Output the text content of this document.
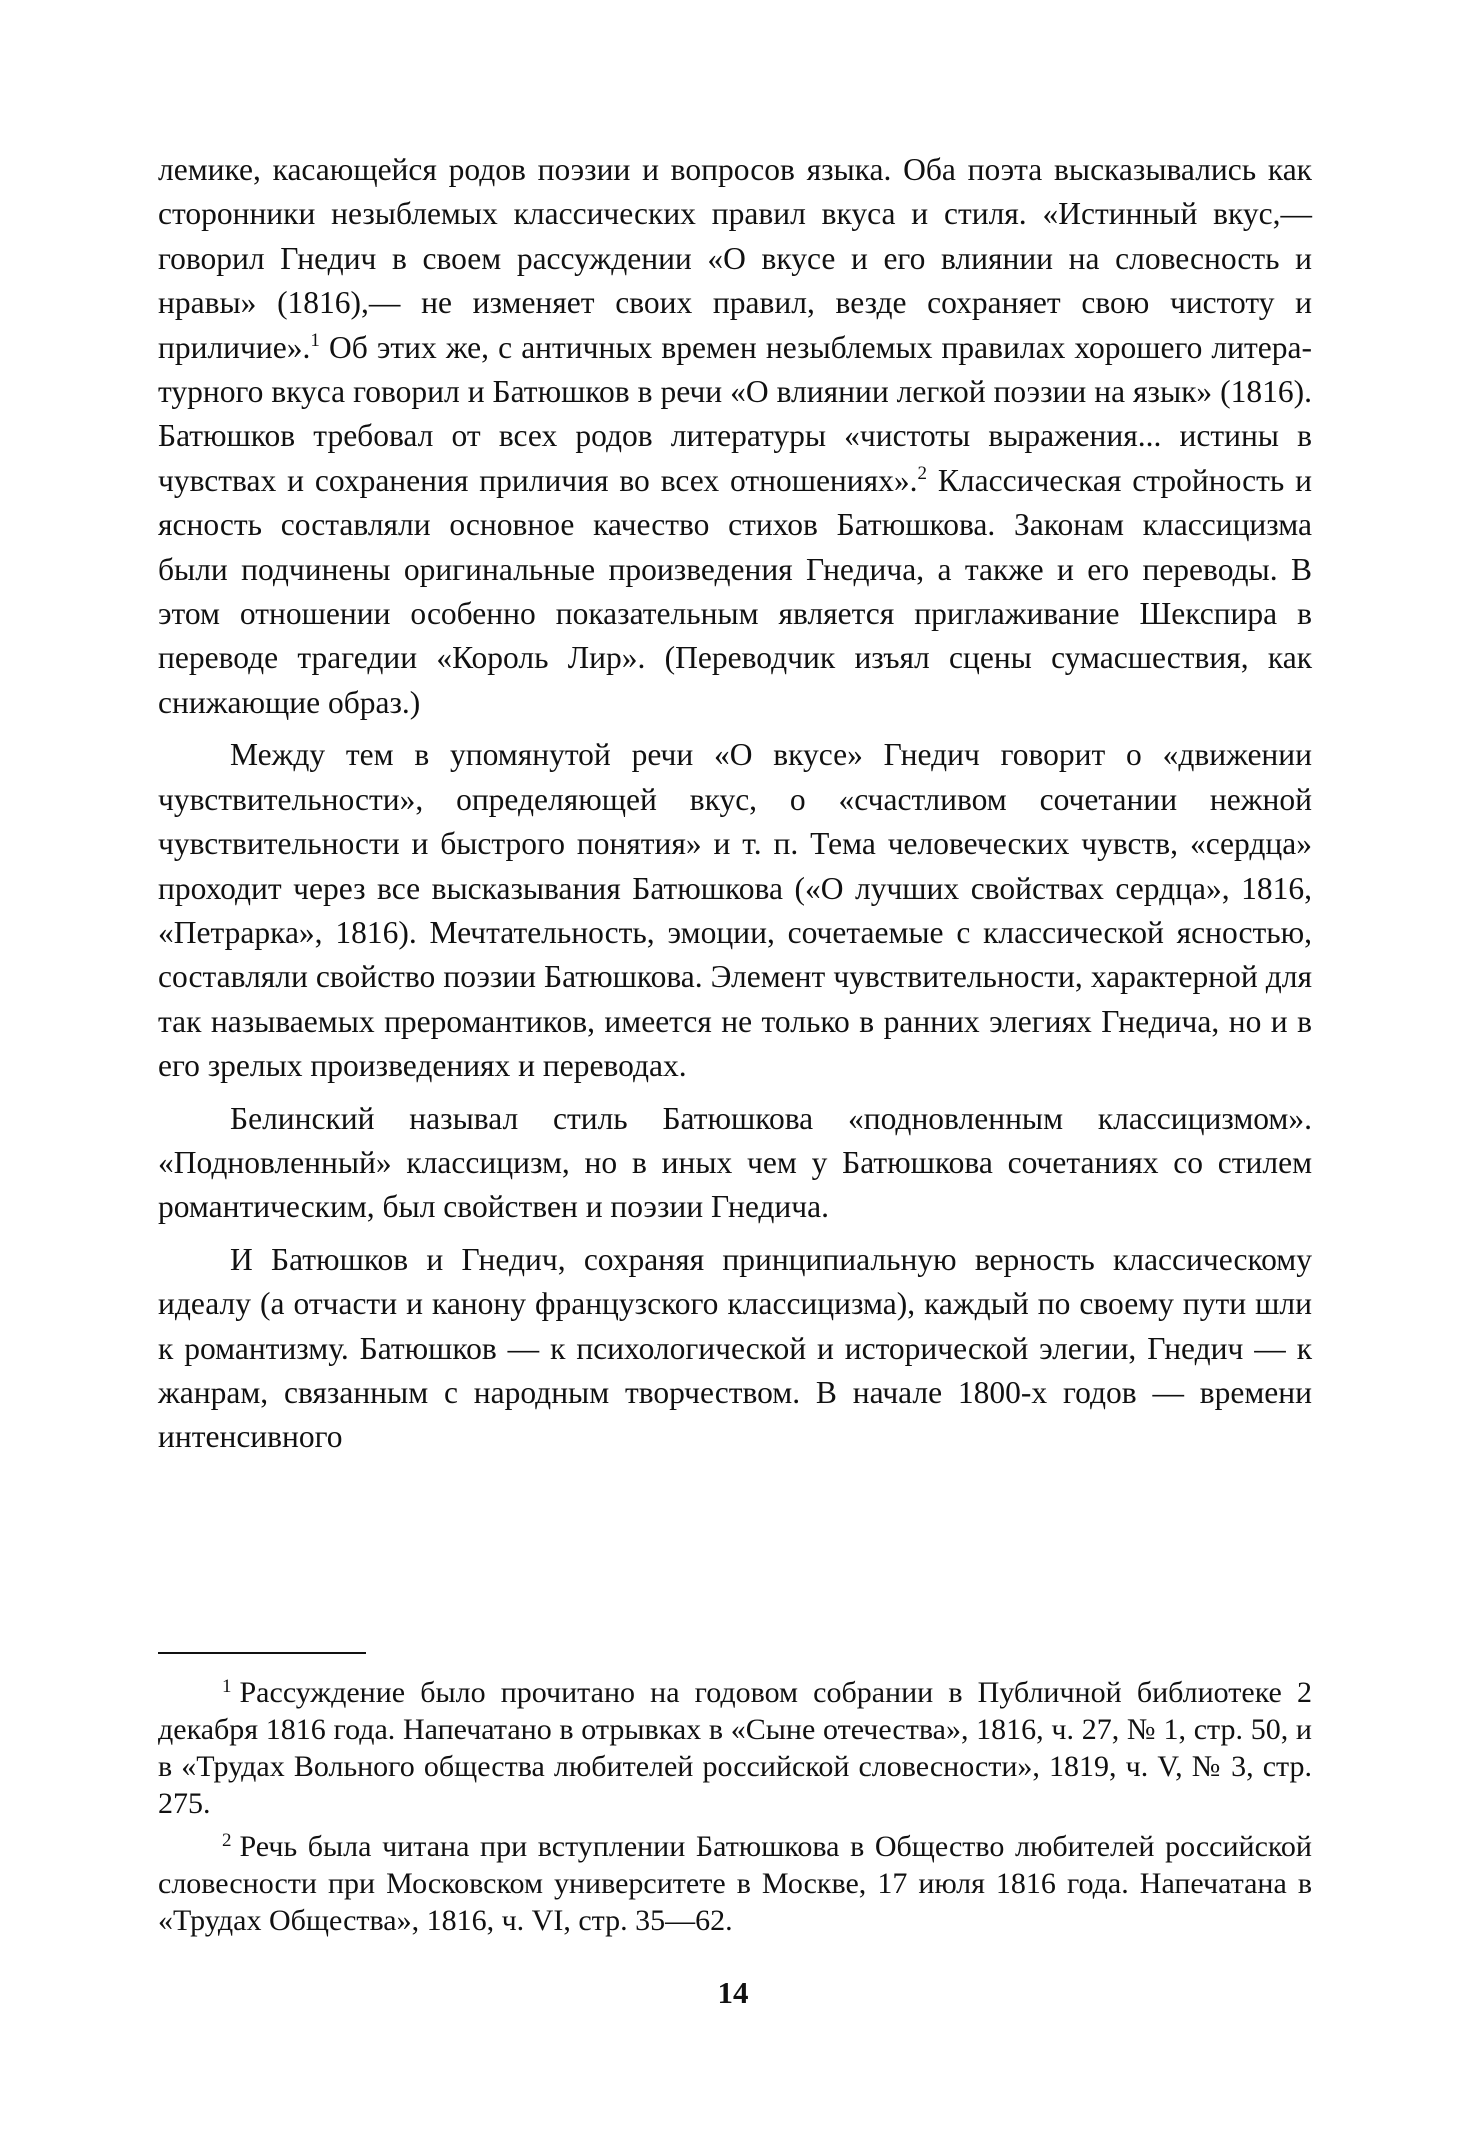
лемике, касающейся родов поэзии и вопросов языка. Оба поэта высказывались как сторонники незыблемых классических правил вкуса и стиля. «Истинный вкус,— говорил Гнедич в своем рассуждении «О вкусе и его влиянии на словесность и нравы» (1816),— не изменяет своих правил, везде сохраняет свою чистоту и приличие».$^1$ Об этих же, с античных времен незыблемых правилах хорошего литературного вкуса говорил и Батюшков в речи «О влиянии легкой поэзии на язык» (1816). Батюшков требовал от всех родов литературы «чистоты выражения... истины в чувствах и сохранения приличия во всех отношениях».$^2$ Классическая стройность и ясность составляли основное качество стихов Батюшкова. Законам классицизма были подчинены оригинальные произведения Гнедича, а также и его переводы. В этом отношении особенно показательным является приглаживание Шекспира в переводе трагедии «Король Лир». (Переводчик изъял сцены сумасшествия, как снижающие образ.)

Между тем в упомянутой речи «О вкусе» Гнедич говорит о «движении чувствительности», определяющей вкус, о «счастливом сочетании нежной чувствительности и быстрого понятия» и т. п. Тема человеческих чувств, «сердца» проходит через все высказывания Батюшкова («О лучших свойствах сердца», 1816, «Петрарка», 1816). Мечтательность, эмоции, сочетаемые с классической ясностью, составляли свойство поэзии Батюшкова. Элемент чувствительности, характерной для так называемых преромантиков, имеется не только в ранних элегиях Гнедича, но и в его зрелых произведениях и переводах.

Белинский называл стиль Батюшкова «подновленным классицизмом». «Подновленный» классицизм, но в иных чем у Батюшкова сочетаниях со стилем романтическим, был свойствен и поэзии Гнедича.

И Батюшков и Гнедич, сохраняя принципиальную верность классическому идеалу (а отчасти и канону французского классицизма), каждый по своему пути шли к романтизму. Батюшков — к психологической и исторической элегии, Гнедич — к жанрам, связанным с народным творчеством. В начале 1800-х годов — времени интенсивного

$^1$ Рассуждение было прочитано на годовом собрании в Публичной библиотеке 2 декабря 1816 года. Напечатано в отрывках в «Сыне отечества», 1816, ч. 27, № 1, стр. 50, и в «Трудах Вольного общества любителей российской словесности», 1819, ч. V, № 3, стр. 275.

$^2$ Речь была читана при вступлении Батюшкова в Общество любителей российской словесности при Московском университете в Москве, 17 июля 1816 года. Напечатана в «Трудах Общества», 1816, ч. VI, стр. 35—62.

14
